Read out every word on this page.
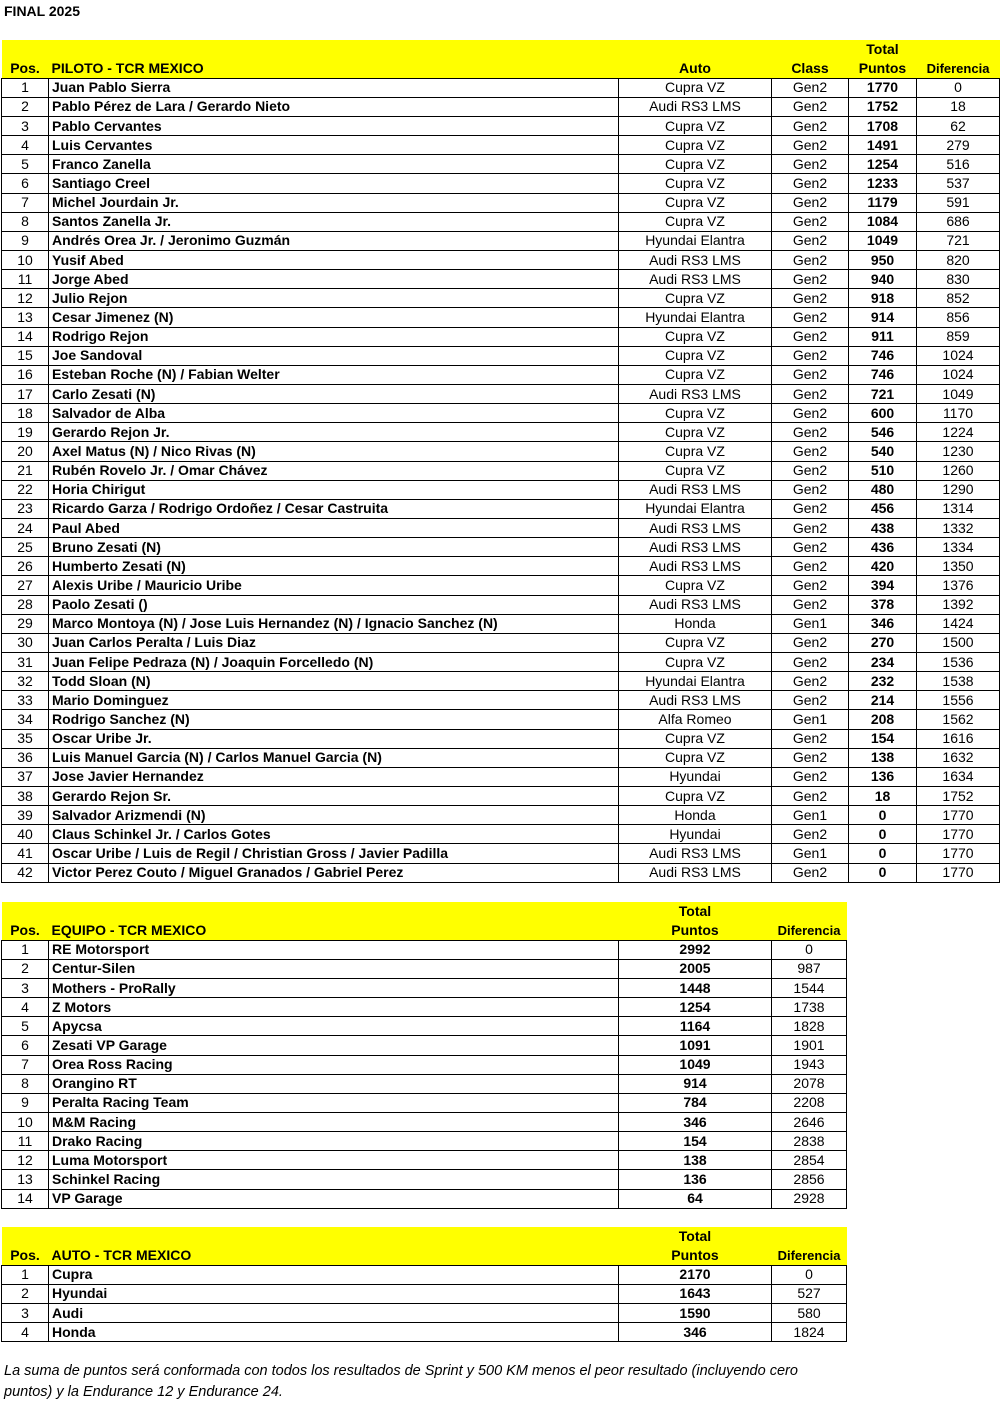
FINAL 2025
				Total	
Pos.	PILOTO - TCR MEXICO	Auto	Class	Puntos	Diferencia
1	Juan Pablo Sierra	Cupra VZ	Gen2	1770	0
2	Pablo Pérez de Lara / Gerardo Nieto	Audi RS3 LMS	Gen2	1752	18
3	Pablo Cervantes	Cupra VZ	Gen2	1708	62
4	Luis Cervantes	Cupra VZ	Gen2	1491	279
5	Franco Zanella	Cupra VZ	Gen2	1254	516
6	Santiago Creel	Cupra VZ	Gen2	1233	537
7	Michel Jourdain Jr.	Cupra VZ	Gen2	1179	591
8	Santos Zanella Jr.	Cupra VZ	Gen2	1084	686
9	Andrés Orea Jr. / Jeronimo Guzmán	Hyundai Elantra	Gen2	1049	721
10	Yusif Abed	Audi RS3 LMS	Gen2	950	820
11	Jorge Abed	Audi RS3 LMS	Gen2	940	830
12	Julio Rejon	Cupra VZ	Gen2	918	852
13	Cesar Jimenez (N)	Hyundai Elantra	Gen2	914	856
14	Rodrigo Rejon	Cupra VZ	Gen2	911	859
15	Joe Sandoval	Cupra VZ	Gen2	746	1024
16	Esteban Roche (N) / Fabian Welter	Cupra VZ	Gen2	746	1024
17	Carlo Zesati (N)	Audi RS3 LMS	Gen2	721	1049
18	Salvador de Alba	Cupra VZ	Gen2	600	1170
19	Gerardo Rejon Jr.	Cupra VZ	Gen2	546	1224
20	Axel Matus (N) / Nico Rivas (N)	Cupra VZ	Gen2	540	1230
21	Rubén Rovelo Jr. / Omar Chávez	Cupra VZ	Gen2	510	1260
22	Horia Chirigut	Audi RS3 LMS	Gen2	480	1290
23	Ricardo Garza / Rodrigo Ordoñez / Cesar Castruita	Hyundai Elantra	Gen2	456	1314
24	Paul Abed	Audi RS3 LMS	Gen2	438	1332
25	Bruno Zesati (N)	Audi RS3 LMS	Gen2	436	1334
26	Humberto Zesati (N)	Audi RS3 LMS	Gen2	420	1350
27	Alexis Uribe / Mauricio Uribe	Cupra VZ	Gen2	394	1376
28	Paolo Zesati ()	Audi RS3 LMS	Gen2	378	1392
29	Marco Montoya (N) / Jose Luis Hernandez (N) / Ignacio Sanchez (N)	Honda	Gen1	346	1424
30	Juan Carlos Peralta / Luis Diaz	Cupra VZ	Gen2	270	1500
31	Juan Felipe Pedraza (N) / Joaquin Forcelledo (N)	Cupra VZ	Gen2	234	1536
32	Todd Sloan (N)	Hyundai Elantra	Gen2	232	1538
33	Mario Dominguez	Audi RS3 LMS	Gen2	214	1556
34	Rodrigo Sanchez (N)	Alfa Romeo	Gen1	208	1562
35	Oscar Uribe Jr.	Cupra VZ	Gen2	154	1616
36	Luis Manuel Garcia (N) / Carlos Manuel Garcia (N)	Cupra VZ	Gen2	138	1632
37	Jose Javier Hernandez	Hyundai	Gen2	136	1634
38	Gerardo Rejon Sr.	Cupra VZ	Gen2	18	1752
39	Salvador Arizmendi (N)	Honda	Gen1	0	1770
40	Claus Schinkel Jr. / Carlos Gotes	Hyundai	Gen2	0	1770
41	Oscar Uribe / Luis de Regil / Christian Gross / Javier Padilla	Audi RS3 LMS	Gen1	0	1770
42	Victor Perez Couto / Miguel Granados / Gabriel Perez	Audi RS3 LMS	Gen2	0	1770
		Total	
Pos.	EQUIPO - TCR MEXICO	Puntos	Diferencia
1	RE Motorsport	2992	0
2	Centur-Silen	2005	987
3	Mothers - ProRally	1448	1544
4	Z Motors	1254	1738
5	Apycsa	1164	1828
6	Zesati VP Garage	1091	1901
7	Orea Ross Racing	1049	1943
8	Orangino RT	914	2078
9	Peralta Racing Team	784	2208
10	M&M Racing	346	2646
11	Drako Racing	154	2838
12	Luma Motorsport	138	2854
13	Schinkel Racing	136	2856
14	VP Garage	64	2928
		Total	
Pos.	AUTO - TCR MEXICO	Puntos	Diferencia
1	Cupra	2170	0
2	Hyundai	1643	527
3	Audi	1590	580
4	Honda	346	1824
La suma de puntos será conformada con todos los resultados de Sprint y 500 KM menos el peor resultado (incluyendo cero puntos) y la Endurance 12 y Endurance 24.
